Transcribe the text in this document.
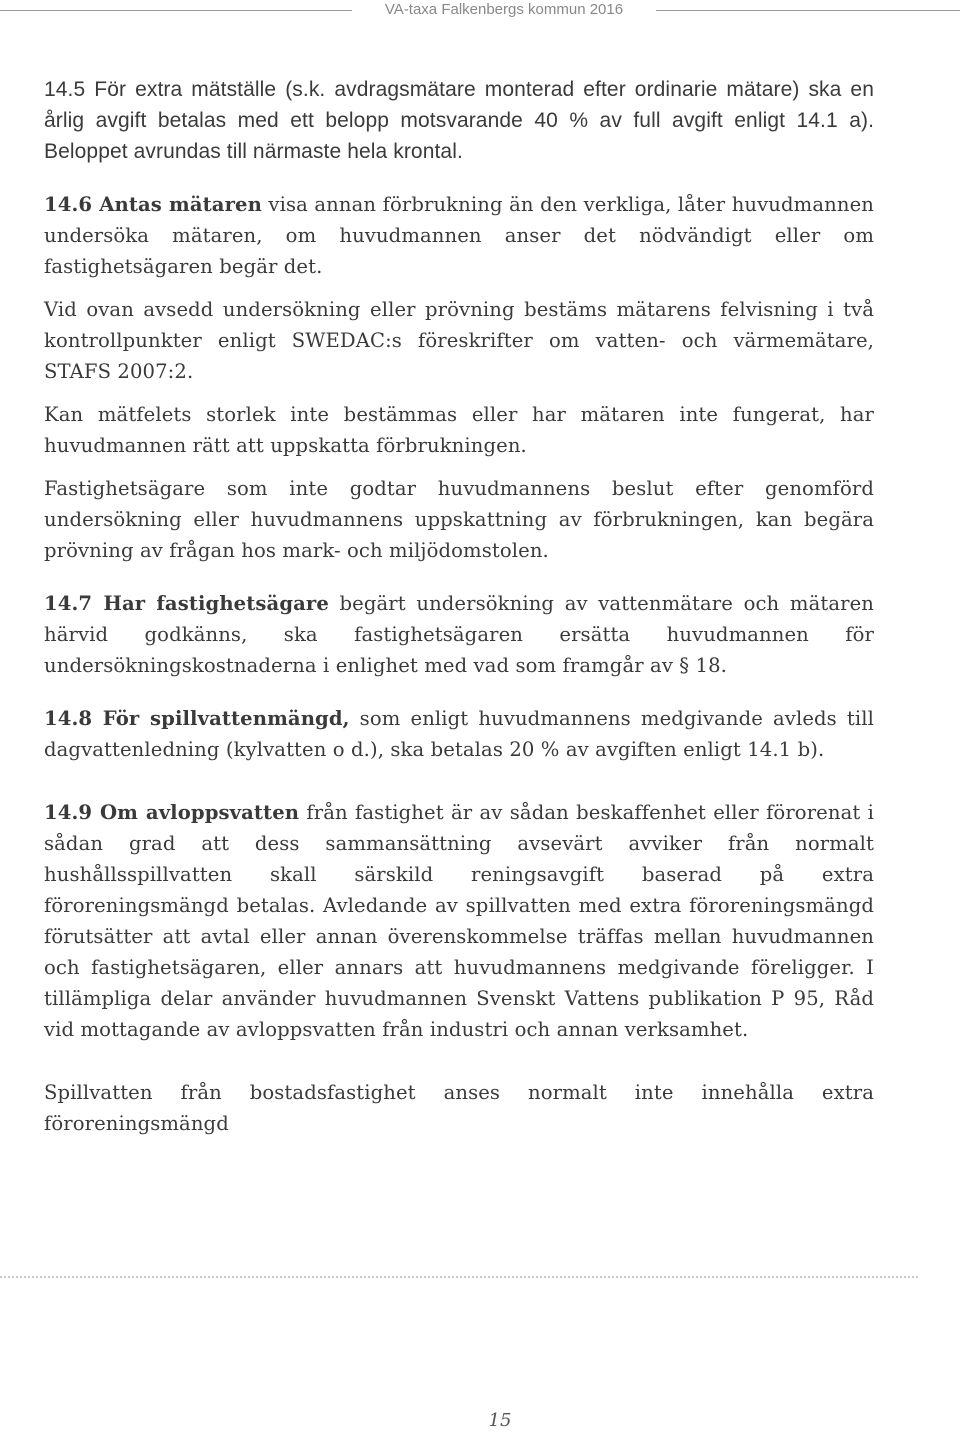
VA-taxa Falkenbergs kommun 2016

14.5 För extra mätställe (s.k. avdragsmätare monterad efter ordinarie mätare) ska en årlig avgift betalas med ett belopp motsvarande 40 % av full avgift enligt 14.1 a). Beloppet avrundas till närmaste hela krontal.

14.6 Antas mätaren visa annan förbrukning än den verkliga, låter huvudmannen undersöka mätaren, om huvudmannen anser det nödvändigt eller om fastighetsägaren begär det.

Vid ovan avsedd undersökning eller prövning bestäms mätarens felvisning i två kontrollpunkter enligt SWEDAC:s föreskrifter om vatten- och värmemätare, STAFS 2007:2.

Kan mätfelets storlek inte bestämmas eller har mätaren inte fungerat, har huvudmannen rätt att uppskatta förbrukningen.

Fastighetsägare som inte godtar huvudmannens beslut efter genomförd undersökning eller huvudmannens uppskattning av förbrukningen, kan begära prövning av frågan hos mark- och miljödomstolen.

14.7 Har fastighetsägare begärt undersökning av vattenmätare och mätaren härvid godkänns, ska fastighetsägaren ersätta huvudmannen för undersökningskostnaderna i enlighet med vad som framgår av § 18.

14.8 För spillvattenmängd, som enligt huvudmannens medgivande avleds till dagvattenledning (kylvatten o d.), ska betalas 20 % av avgiften enligt 14.1 b).

14.9 Om avloppsvatten från fastighet är av sådan beskaffenhet eller förorenat i sådan grad att dess sammansättning avsevärt avviker från normalt hushållsspillvatten skall särskild reningsavgift baserad på extra föroreningsmängd betalas. Avledande av spillvatten med extra föroreningsmängd förutsätter att avtal eller annan överenskommelse träffas mellan huvudmannen och fastighetsägaren, eller annars att huvudmannens medgivande föreligger. I tillämpliga delar använder huvudmannen Svenskt Vattens publikation P 95, Råd vid mottagande av avloppsvatten från industri och annan verksamhet.

Spillvatten från bostadsfastighet anses normalt inte innehålla extra föroreningsmängd

15
